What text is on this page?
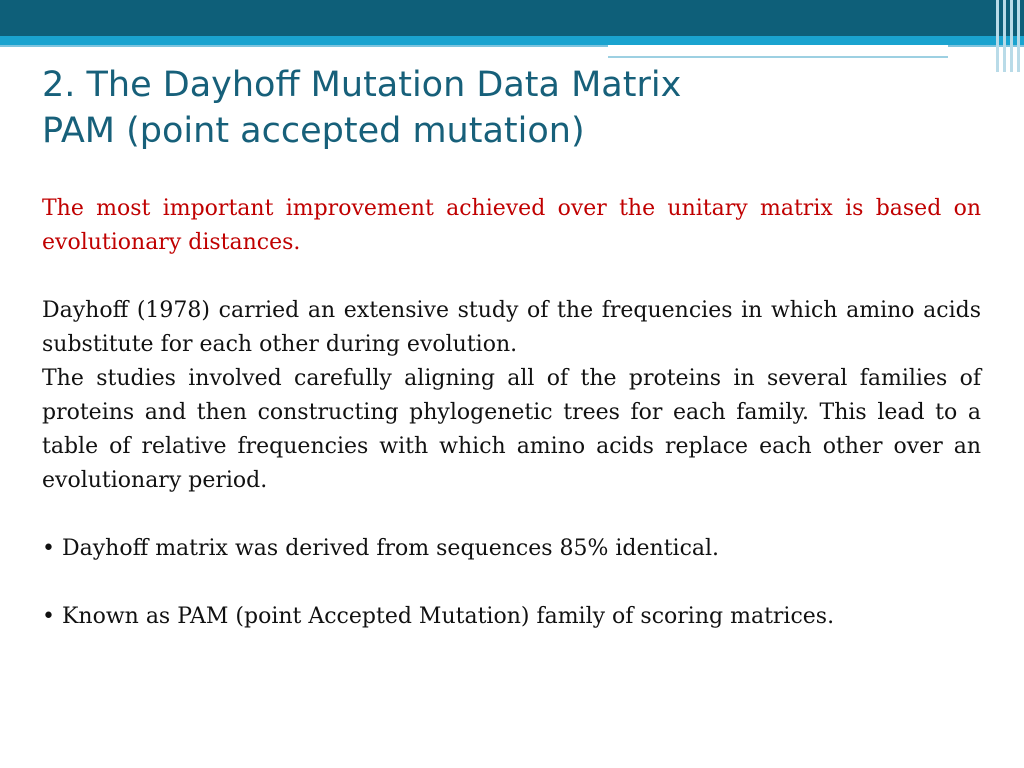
2. The Dayhoff Mutation Data Matrix
PAM (point accepted mutation)

The most important improvement achieved over the unitary matrix is based on evolutionary distances.

Dayhoff (1978) carried an extensive study of the frequencies in which amino acids substitute for each other during evolution.

The studies involved carefully aligning all of the proteins in several families of proteins and then constructing phylogenetic trees for each family. This lead to a table of relative frequencies with which amino acids replace each other over an evolutionary period.

• Dayhoff matrix was derived from sequences 85% identical.

• Known as PAM (point Accepted Mutation) family of scoring matrices.
